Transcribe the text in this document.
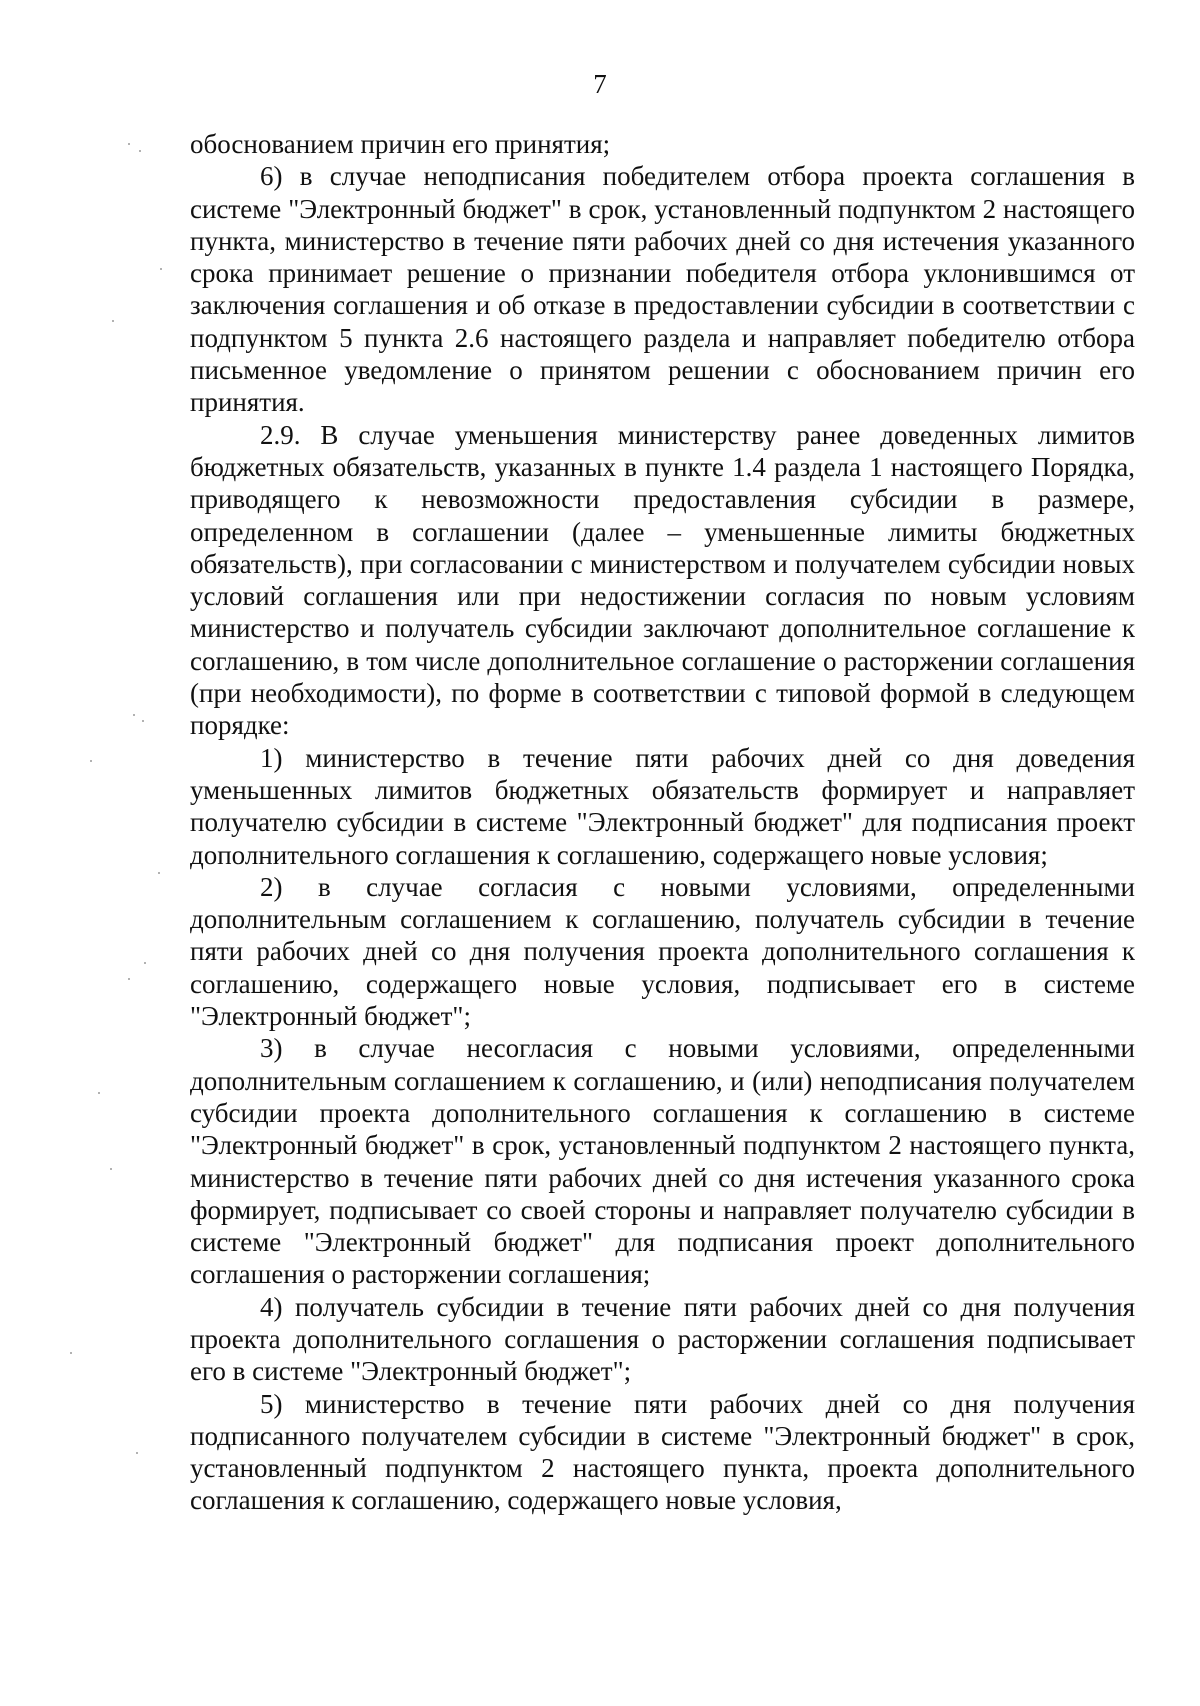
7

обоснованием причин его принятия;

6) в случае неподписания победителем отбора проекта соглашения в системе "Электронный бюджет" в срок, установленный подпунктом 2 настоящего пункта, министерство в течение пяти рабочих дней со дня истечения указанного срока принимает решение о признании победителя отбора уклонившимся от заключения соглашения и об отказе в предоставлении субсидии в соответствии с подпунктом 5 пункта 2.6 настоящего раздела и направляет победителю отбора письменное уведомление о принятом решении с обоснованием причин его принятия.

2.9. В случае уменьшения министерству ранее доведенных лимитов бюджетных обязательств, указанных в пункте 1.4 раздела 1 настоящего Порядка, приводящего к невозможности предоставления субсидии в размере, определенном в соглашении (далее – уменьшенные лимиты бюджетных обязательств), при согласовании с министерством и получателем субсидии новых условий соглашения или при недостижении согласия по новым условиям министерство и получатель субсидии заключают дополнительное соглашение к соглашению, в том числе дополнительное соглашение о расторжении соглашения (при необходимости), по форме в соответствии с типовой формой в следующем порядке:

1) министерство в течение пяти рабочих дней со дня доведения уменьшенных лимитов бюджетных обязательств формирует и направляет получателю субсидии в системе "Электронный бюджет" для подписания проект дополнительного соглашения к соглашению, содержащего новые условия;

2) в случае согласия с новыми условиями, определенными дополнительным соглашением к соглашению, получатель субсидии в течение пяти рабочих дней со дня получения проекта дополнительного соглашения к соглашению, содержащего новые условия, подписывает его в системе "Электронный бюджет";

3) в случае несогласия с новыми условиями, определенными дополнительным соглашением к соглашению, и (или) неподписания получателем субсидии проекта дополнительного соглашения к соглашению в системе "Электронный бюджет" в срок, установленный подпунктом 2 настоящего пункта, министерство в течение пяти рабочих дней со дня истечения указанного срока формирует, подписывает со своей стороны и направляет получателю субсидии в системе "Электронный бюджет" для подписания проект дополнительного соглашения о расторжении соглашения;

4) получатель субсидии в течение пяти рабочих дней со дня получения проекта дополнительного соглашения о расторжении соглашения подписывает его в системе "Электронный бюджет";

5) министерство в течение пяти рабочих дней со дня получения подписанного получателем субсидии в системе "Электронный бюджет" в срок, установленный подпунктом 2 настоящего пункта, проекта дополнительного соглашения к соглашению, содержащего новые условия,
